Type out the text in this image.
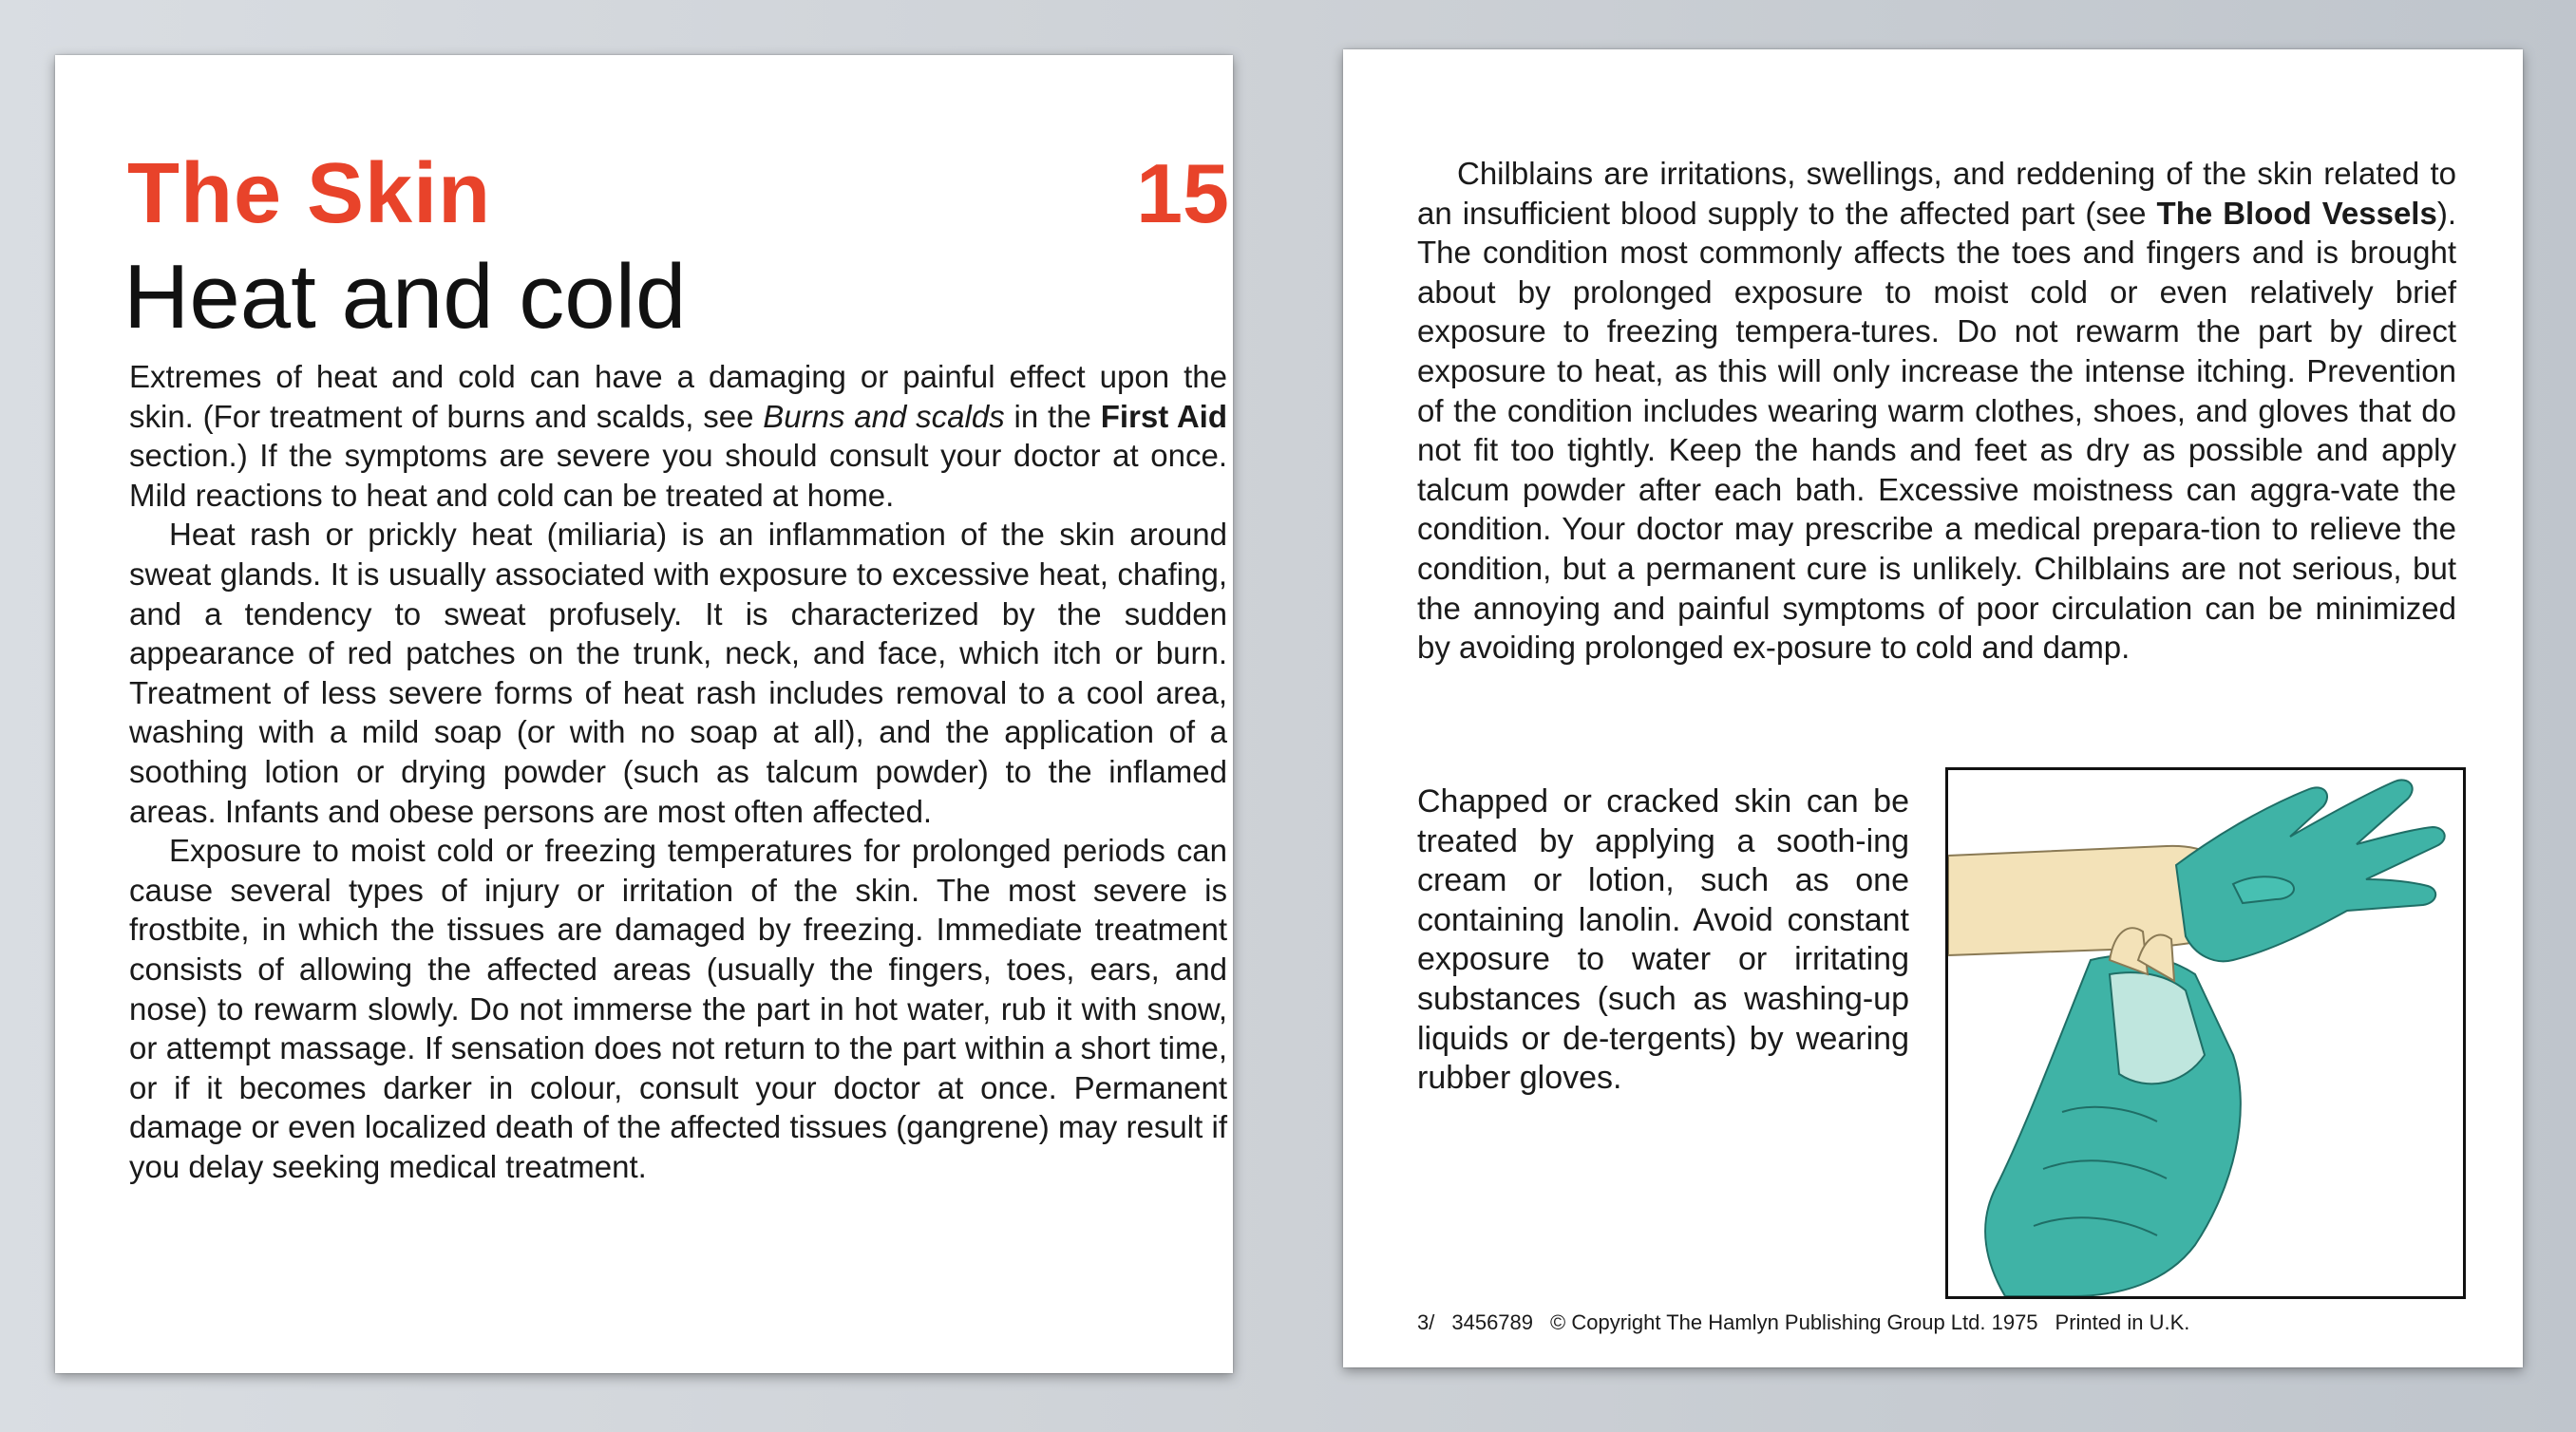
The Skin	15
Heat and cold

Extremes of heat and cold can have a damaging or painful effect upon the skin. (For treatment of burns and scalds, see Burns and scalds in the First Aid section.) If the symptoms are severe you should consult your doctor at once. Mild reactions to heat and cold can be treated at home.

Heat rash or prickly heat (miliaria) is an inflammation of the skin around sweat glands. It is usually associated with exposure to excessive heat, chafing, and a tendency to sweat profusely. It is characterized by the sudden appearance of red patches on the trunk, neck, and face, which itch or burn. Treatment of less severe forms of heat rash includes removal to a cool area, washing with a mild soap (or with no soap at all), and the application of a soothing lotion or drying powder (such as talcum powder) to the inflamed areas. Infants and obese persons are most often affected.

Exposure to moist cold or freezing temperatures for prolonged periods can cause several types of injury or irritation of the skin. The most severe is frostbite, in which the tissues are damaged by freezing. Immediate treatment consists of allowing the affected areas (usually the fingers, toes, ears, and nose) to rewarm slowly. Do not immerse the part in hot water, rub it with snow, or attempt massage. If sensation does not return to the part within a short time, or if it becomes darker in colour, consult your doctor at once. Permanent damage or even localized death of the affected tissues (gangrene) may result if you delay seeking medical treatment.

Chilblains are irritations, swellings, and reddening of the skin related to an insufficient blood supply to the affected part (see The Blood Vessels). The condition most commonly affects the toes and fingers and is brought about by prolonged exposure to moist cold or even relatively brief exposure to freezing tempera-tures. Do not rewarm the part by direct exposure to heat, as this will only increase the intense itching. Prevention of the condition includes wearing warm clothes, shoes, and gloves that do not fit too tightly. Keep the hands and feet as dry as possible and apply talcum powder after each bath. Excessive moistness can aggra-vate the condition. Your doctor may prescribe a medical prepara-tion to relieve the condition, but a permanent cure is unlikely. Chilblains are not serious, but the annoying and painful symptoms of poor circulation can be minimized by avoiding prolonged ex-posure to cold and damp.

Chapped or cracked skin can be treated by applying a sooth-ing cream or lotion, such as one containing lanolin. Avoid constant exposure to water or irritating substances (such as washing-up liquids or de-tergents) by wearing rubber gloves.
3/ 3456789 © Copyright The Hamlyn Publishing Group Ltd. 1975 Printed in U.K.
